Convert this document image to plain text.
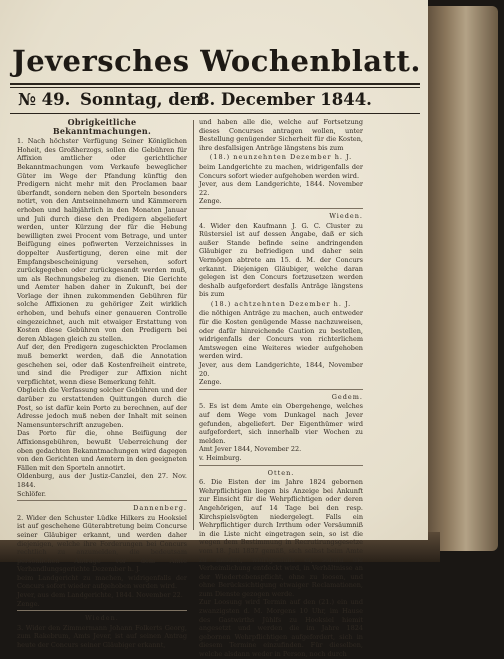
Jeversches Wochenblatt.
№ 49. Sonntag, den
8. December 1844.
Obrigkeitliche Bekanntmachungen.

1. Nach höchster Verfügung Seiner Königlichen Hoheit, des Großherzogs, sollen die Gebühren für Affixion amtlicher oder gerichtlicher Bekanntmachungen vom Verkaufe beweglicher Güter im Wege der Pfandung künftig den Predigern nicht mehr mit den Proclamen baar überfandt, sondern neben den Sporteln besonders notirt, von den Amtseinnehmern und Kämmerern erhoben und halbjährlich in den Monaten Januar und Juli durch diese den Predigern abgeliefert werden, unter Kürzung der für die Hebung bewilligten zwei Procent vom Betrage, und unter Beifügung eines pofiwerten Verzeichnisses in doppelter Ausfertigung, deren eine mit der Empfangsbescheinigung versehen, sofort zurückgegeben oder zurückgesandt werden muß, um als Rechnungsbeleg zu dienen. Die Gerichte und Aemter haben daher in Zukunft, bei der Vorlage der ihnen zukommenden Gebühren für solche Affixionen zu gehöriger Zeit wirklich erhoben, und behufs einer genaueren Controlle eingezeichnet, auch mit etwaiger Erstattung von Kosten diese Gebühren von den Predigern bei deren Ablagen gleich zu stellen.

Auf der, den Predigern zugeschickten Proclamen muß bemerkt werden, daß die Annotation geschehen sei, oder daß Kostenfreiheit eintrete, und sind die Prediger zur Affixion nicht verpflichtet, wenn diese Bemerkung fehlt.

Obgleich die Verfassung solcher Gebühren und der darüber zu erstattenden Quittungen durch die Post, so ist dafür kein Porto zu berechnen, auf der Adresse jedoch muß neben der Inhalt mit seinen Namensunterschrift anzugeben.

Das Porto für die, ohne Beifügung der Affixionsgebühren, bewußt Ueberreichung der oben gedachten Bekanntmachungen wird dagegen von den Gerichten und Aemtern in den geeigneten Fällen mit den Sporteln annotirt.

Oldenburg, aus der Justiz-Canzlei, den 27. Nov. 1844.

Schlöfer.

Dannenberg.

2. Wider den Schuster Lüdke Hilkers zu Hooksiel ist auf geschehene Güterabtretung beim Concurse seiner Gläubiger erkannt, und werden daher diejenigen, welche ihre Forderungen bei Concurs rechtlich zu anzumelden, die bedeutsam persönlichen Antrage vor dem Amte Verhandlungsgerichte Dezember h. J.

beim Landgericht zu machen, widrigenfalls der Concurs sofort wieder aufgehoben werden wird.

Jever, aus dem Landgerichte, 1844. November 22.

Zenge.

Wieden.

3. Wider den Zimmermann Johann Folkerts Georg, zum Rakebrum, Amts Jever, ist auf seinen Antrag heute der Concurs seiner Gläubiger erkannt,

und haben alle die, welche auf Fortsetzung dieses Concurses antragen wollen, unter Bestellung genügender Sicherheit für die Kosten, ihre desfallsigen Anträge längstens bis zum

(18.) neunzehnten Dezember h. J.

beim Landgerichte zu machen, widrigenfalls der Concurs sofort wieder aufgehoben werden wird.

Jever, aus dem Landgerichte, 1844. November 22.

Zenge.

Wieden.

4. Wider den Kaufmann J. G. C. Cluster zu Rüstersiel ist auf dessen Angabe, daß er sich außer Stande befinde seine andringenden Gläubiger zu befriedigen und daher sein Vermögen abtrete am 15. d. M. der Concurs erkannt. Diejenigen Gläubiger, welche daran gelegen ist den Concurs fortzusetzen werden deshalb aufgefordert desfalls Anträge längstens bis zum

(18.) achtzehnten Dezember h. J.

die nöthigen Anträge zu machen, auch entweder für die Kosten genügende Masse nachzuweisen, oder dafür hinreichende Caution zu bestellen, widrigenfalls der Concurs von richterlichem Amtswegen eine Weiteres wieder aufgehoben werden wird.

Jever, aus dem Landgerichte, 1844, November 20.

Zenge.

Gedem.

5. Es ist dem Amte ein Obergehenge, welches auf dem Wege vom Dunkagel nach Jever gefunden, abgeliefert. Der Eigenthümer wird aufgefordert, sich innerhalb vier Wochen zu melden.

Amt Jever 1844, November 22.

v. Heimburg.

Otten.

6. Die Eisten der im Jahre 1824 gebornen Wehrpflichtigen liegen bis Anzeige bei Ankunft zur Einsicht für die Wehrpflichtigen oder deren Angehörigen, auf 14 Tage bei den resp. Kirchspielsvögten niedergelegt. Falls ein Wehrpflichtiger durch Irrthum oder Versäumniß in die Liste nicht eingetragen sein, so ist die wegen dem Bestimmung in Recrutirungsgesetze vom 18. Juli 1837 gemäß, sich selbst beim Amte zu melden, widrigenfalls er, sobald die Verheimlichung entdeckt wird, in Verhältnisse an der Wiedertebenspflicht, ohne zu loosen, und ohne Berücksichtigung etwaiger Reclamationen, zum Dienste gezogen werde.

Zur Loosung wird Termin auf den (21.) ein und zwanzigsten d. M. Morgens 10 Uhr, im Hause des Gastwirths Jühlfs zu Hooksiel hiemit angesetzt und werden die im Jahre 1824 gebornen Wehrpflichtigen aufgefordert, sich in diesem Termine einzufinden. Für dieselben, welche alsdann weder in Person, noch durch
